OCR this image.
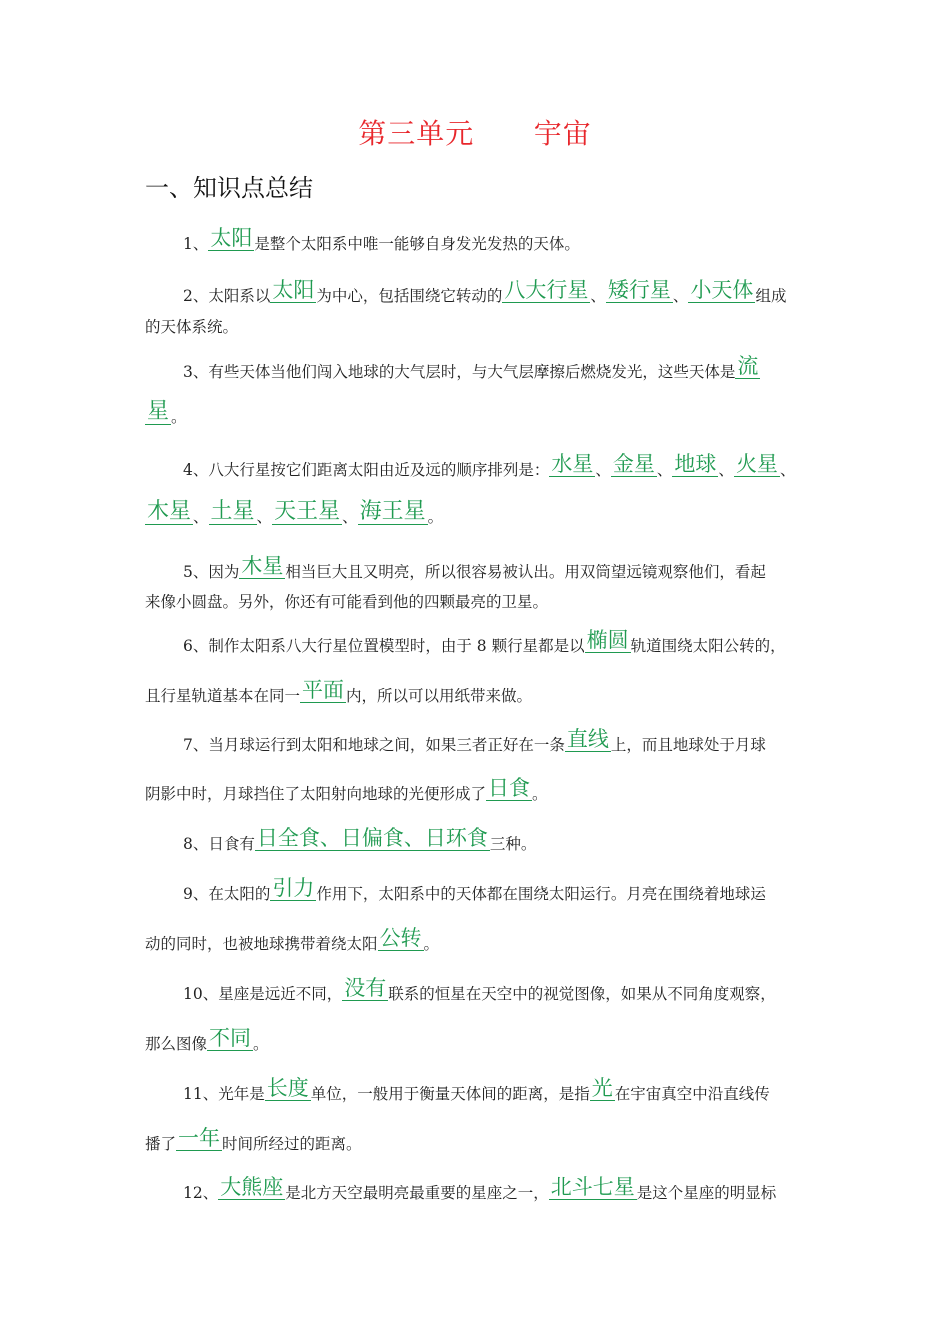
第三单元      宇宙
一、知识点总结
1、太阳 是整个太阳系中唯一能够自身发光发热的天体。
2、太阳系以太阳 为中心，包括围绕它转动的八大行星 、矮行星 、小天体 组成
的天体系统。
3、有些天体当他们闯入地球的大气层时，与大气层摩擦后燃烧发光，这些天体是流
星 。
4、八大行星按它们距离太阳由近及远的顺序排列是：水星 、金星 、地球 、火星 、
木星 、土星 、天王星 、海王星 。
5、因为木星 相当巨大且又明亮，所以很容易被认出。用双筒望远镜观察他们，看起
来像小圆盘。另外，你还有可能看到他的四颗最亮的卫星。
6、制作太阳系八大行星位置模型时，由于 8 颗行星都是以椭圆 轨道围绕太阳公转的，
且行星轨道基本在同一平面 内，所以可以用纸带来做。
7、当月球运行到太阳和地球之间，如果三者正好在一条直线 上，而且地球处于月球
阴影中时，月球挡住了太阳射向地球的光便形成了日食 。
8、日食有日全食、日偏食、日环食 三种。
9、在太阳的引力 作用下，太阳系中的天体都在围绕太阳运行。月亮在围绕着地球运
动的同时，也被地球携带着绕太阳公转 。
10、星座是远近不同，没有 联系的恒星在天空中的视觉图像，如果从不同角度观察，
那么图像不同 。
11、光年是长度 单位，一般用于衡量天体间的距离，是指光 在宇宙真空中沿直线传
播了一年 时间所经过的距离。
12、大熊座 是北方天空最明亮最重要的星座之一，北斗七星 是这个星座的明显标
